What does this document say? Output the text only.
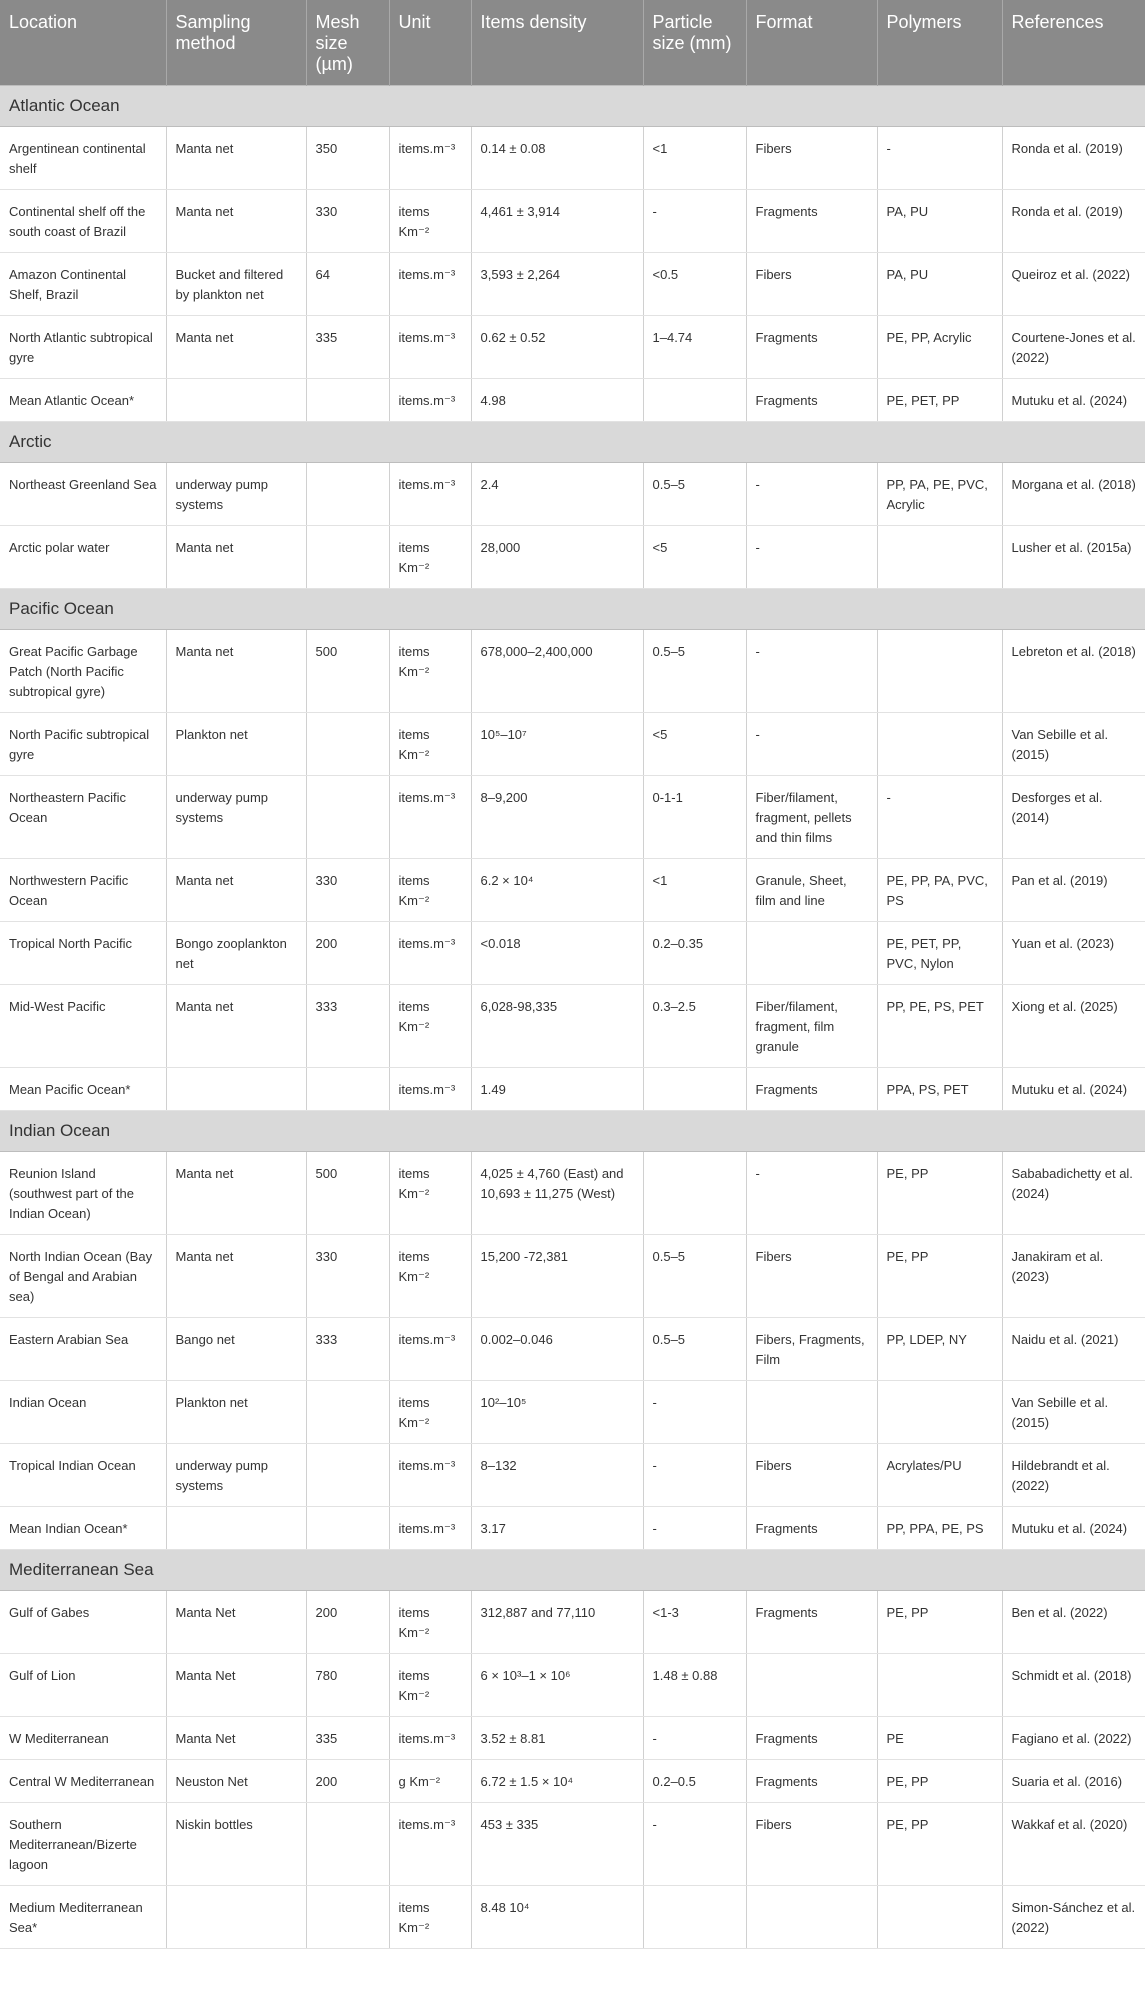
Location	Sampling method	Mesh size (µm)	Unit	Items density	Particle size (mm)	Format	Polymers	References
Atlantic Ocean								
Argentinean continental shelf	Manta net	350	items.m⁻³	0.14 ± 0.08	<1	Fibers	-	Ronda et al. (2019)
Continental shelf off the south coast of Brazil	Manta net	330	items Km⁻²	4,461 ± 3,914	-	Fragments	PA, PU	Ronda et al. (2019)
Amazon Continental Shelf, Brazil	Bucket and filtered by plankton net	64	items.m⁻³	3,593 ± 2,264	<0.5	Fibers	PA, PU	Queiroz et al. (2022)
North Atlantic subtropical gyre	Manta net	335	items.m⁻³	0.62 ± 0.52	1–4.74	Fragments	PE, PP, Acrylic	Courtene-Jones et al. (2022)
Mean Atlantic Ocean*			items.m⁻³	4.98		Fragments	PE, PET, PP	Mutuku et al. (2024)
Arctic								
Northeast Greenland Sea	underway pump systems		items.m⁻³	2.4	0.5–5	-	PP, PA, PE, PVC, Acrylic	Morgana et al. (2018)
Arctic polar water	Manta net		items Km⁻²	28,000	<5	-		Lusher et al. (2015a)
Pacific Ocean								
Great Pacific Garbage Patch (North Pacific subtropical gyre)	Manta net	500	items Km⁻²	678,000–2,400,000	0.5–5	-		Lebreton et al. (2018)
North Pacific subtropical gyre	Plankton net		items Km⁻²	10⁵–10⁷	<5	-		Van Sebille et al. (2015)
Northeastern Pacific Ocean	underway pump systems		items.m⁻³	8–9,200	0-1-1	Fiber/filament, fragment, pellets and thin films	-	Desforges et al. (2014)
Northwestern Pacific Ocean	Manta net	330	items Km⁻²	6.2 × 10⁴	<1	Granule, Sheet, film and line	PE, PP, PA, PVC, PS	Pan et al. (2019)
Tropical North Pacific	Bongo zooplankton net	200	items.m⁻³	<0.018	0.2–0.35		PE, PET, PP, PVC, Nylon	Yuan et al. (2023)
Mid-West Pacific	Manta net	333	items Km⁻²	6,028-98,335	0.3–2.5	Fiber/filament, fragment, film granule	PP, PE, PS, PET	Xiong et al. (2025)
Mean Pacific Ocean*			items.m⁻³	1.49		Fragments	PPA, PS, PET	Mutuku et al. (2024)
Indian Ocean								
Reunion Island (southwest part of the Indian Ocean)	Manta net	500	items Km⁻²	4,025 ± 4,760 (East) and 10,693 ± 11,275 (West)		-	PE, PP	Sababadichetty et al. (2024)
North Indian Ocean (Bay of Bengal and Arabian sea)	Manta net	330	items Km⁻²	15,200 -72,381	0.5–5	Fibers	PE, PP	Janakiram et al. (2023)
Eastern Arabian Sea	Bango net	333	items.m⁻³	0.002–0.046	0.5–5	Fibers, Fragments, Film	PP, LDEP, NY	Naidu et al. (2021)
Indian Ocean	Plankton net		items Km⁻²	10²–10⁵	-			Van Sebille et al. (2015)
Tropical Indian Ocean	underway pump systems		items.m⁻³	8–132	-	Fibers	Acrylates/PU	Hildebrandt et al. (2022)
Mean Indian Ocean*			items.m⁻³	3.17	-	Fragments	PP, PPA, PE, PS	Mutuku et al. (2024)
Mediterranean Sea								
Gulf of Gabes	Manta Net	200	items Km⁻²	312,887 and 77,110	<1-3	Fragments	PE, PP	Ben et al. (2022)
Gulf of Lion	Manta Net	780	items Km⁻²	6 × 10³–1 × 10⁶	1.48 ± 0.88			Schmidt et al. (2018)
W Mediterranean	Manta Net	335	items.m⁻³	3.52 ± 8.81	-	Fragments	PE	Fagiano et al. (2022)
Central W Mediterranean	Neuston Net	200	g Km⁻²	6.72 ± 1.5 × 10⁴	0.2–0.5	Fragments	PE, PP	Suaria et al. (2016)
Southern Mediterranean/Bizerte lagoon	Niskin bottles		items.m⁻³	453 ± 335	-	Fibers	PE, PP	Wakkaf et al. (2020)
Medium Mediterranean Sea*			items Km⁻²	8.48 10⁴				Simon-Sánchez et al. (2022)
